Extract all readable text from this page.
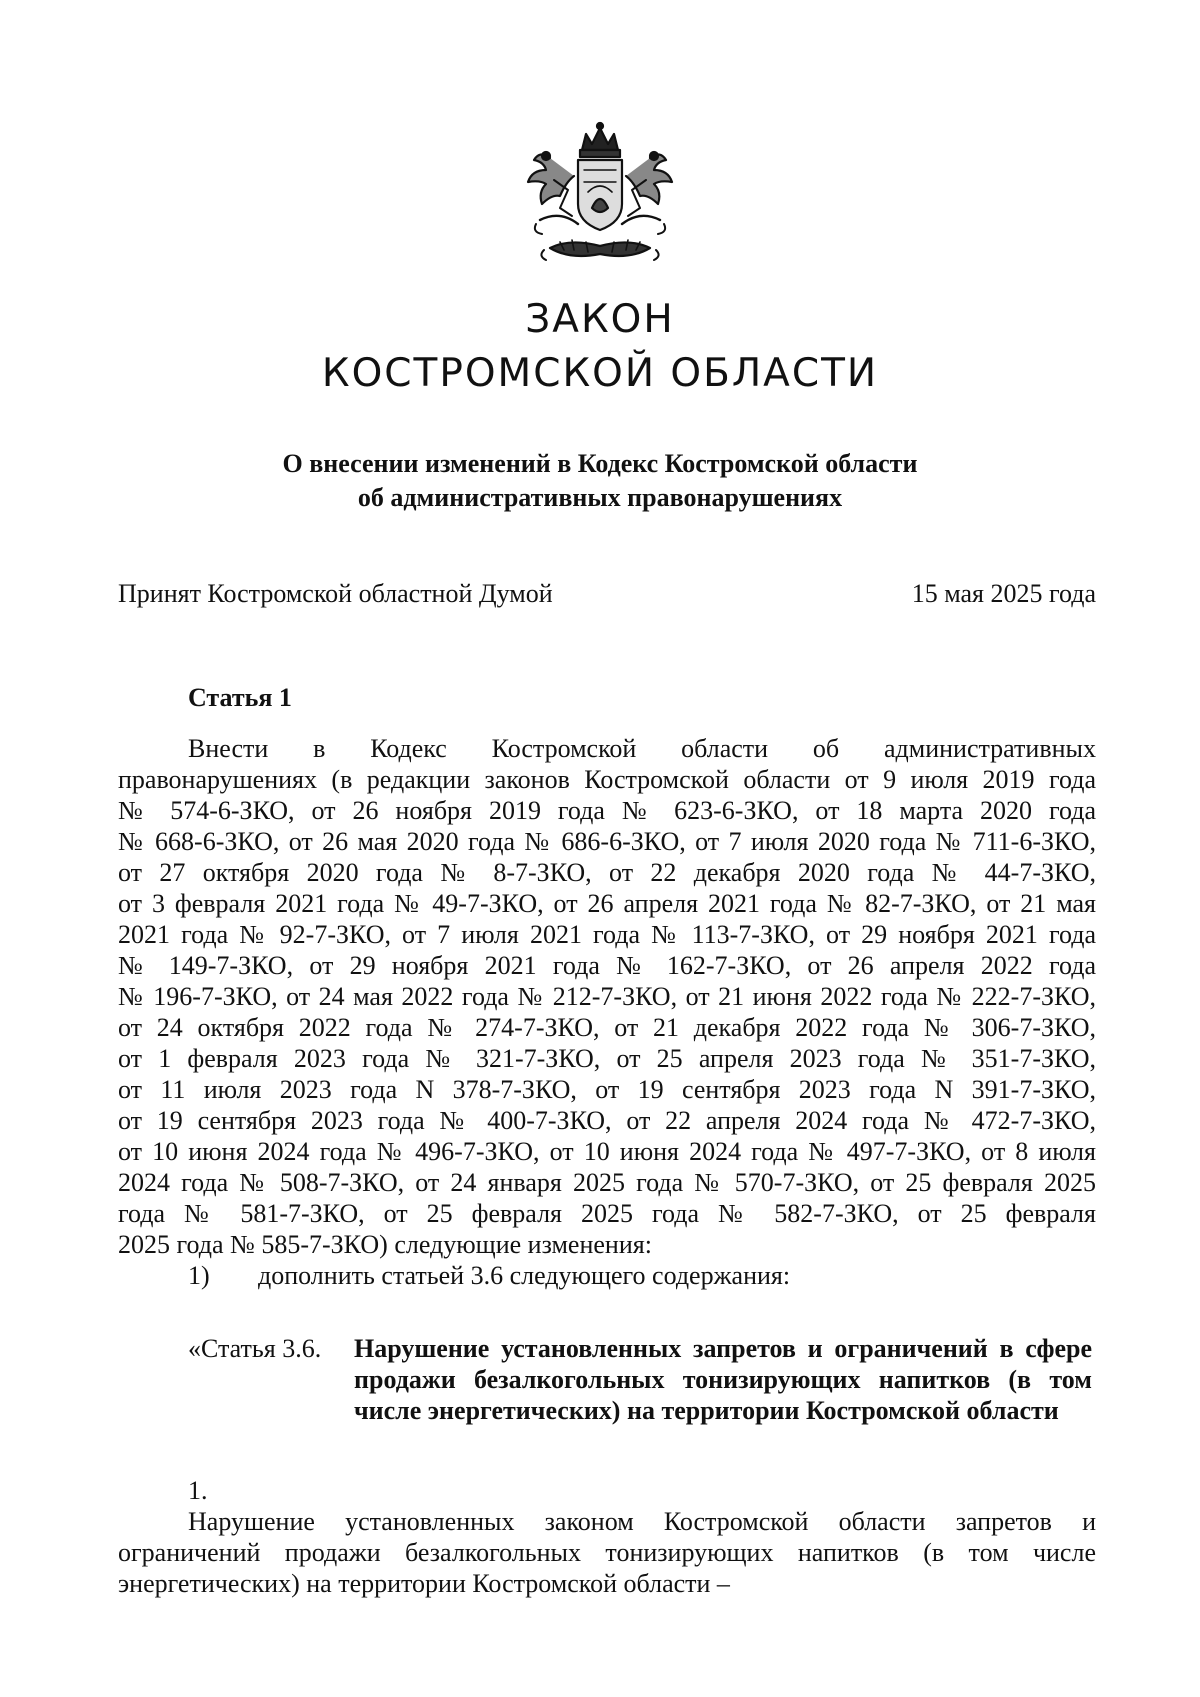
ЗАКОН
КОСТРОМСКОЙ ОБЛАСТИ
О внесении изменений в Кодекс Костромской области
об административных правонарушениях
Принят Костромской областной Думой	15 мая 2025 года
Статья 1

Внести в Кодекс Костромской области об административных
правонарушениях (в редакции законов Костромской области от 9 июля 2019 года
№ 574-6-ЗКО, от 26 ноября 2019 года № 623-6-ЗКО, от 18 марта 2020 года
№ 668-6-ЗКО, от 26 мая 2020 года № 686-6-ЗКО, от 7 июля 2020 года № 711-6-ЗКО,
от 27 октября 2020 года № 8-7-ЗКО, от 22 декабря 2020 года № 44-7-ЗКО,
от 3 февраля 2021 года № 49-7-ЗКО, от 26 апреля 2021 года № 82-7-ЗКО, от 21 мая
2021 года № 92-7-ЗКО, от 7 июля 2021 года № 113-7-ЗКО, от 29 ноября 2021 года
№ 149-7-ЗКО, от 29 ноября 2021 года № 162-7-ЗКО, от 26 апреля 2022 года
№ 196-7-ЗКО, от 24 мая 2022 года № 212-7-ЗКО, от 21 июня 2022 года № 222-7-ЗКО,
от 24 октября 2022 года № 274-7-ЗКО, от 21 декабря 2022 года № 306-7-ЗКО,
от 1 февраля 2023 года № 321-7-ЗКО, от 25 апреля 2023 года № 351-7-ЗКО,
от 11 июля 2023 года N 378-7-ЗКО, от 19 сентября 2023 года N 391-7-ЗКО,
от 19 сентября 2023 года № 400-7-ЗКО, от 22 апреля 2024 года № 472-7-ЗКО,
от 10 июня 2024 года № 496-7-ЗКО, от 10 июня 2024 года № 497-7-ЗКО, от 8 июля
2024 года № 508-7-ЗКО, от 24 января 2025 года № 570-7-ЗКО, от 25 февраля 2025
года № 581-7-ЗКО, от 25 февраля 2025 года № 582-7-ЗКО, от 25 февраля
2025 года № 585-7-ЗКО) следующие изменения:

1) дополнить статьей 3.6 следующего содержания:
«Статья 3.6. Нарушение установленных запретов и ограничений в сфере
продажи безалкогольных тонизирующих напитков (в том
числе энергетических) на территории Костромской области
1.
Нарушение установленных законом Костромской области запретов и
ограничений продажи безалкогольных тонизирующих напитков (в том числе
энергетических) на территории Костромской области –
